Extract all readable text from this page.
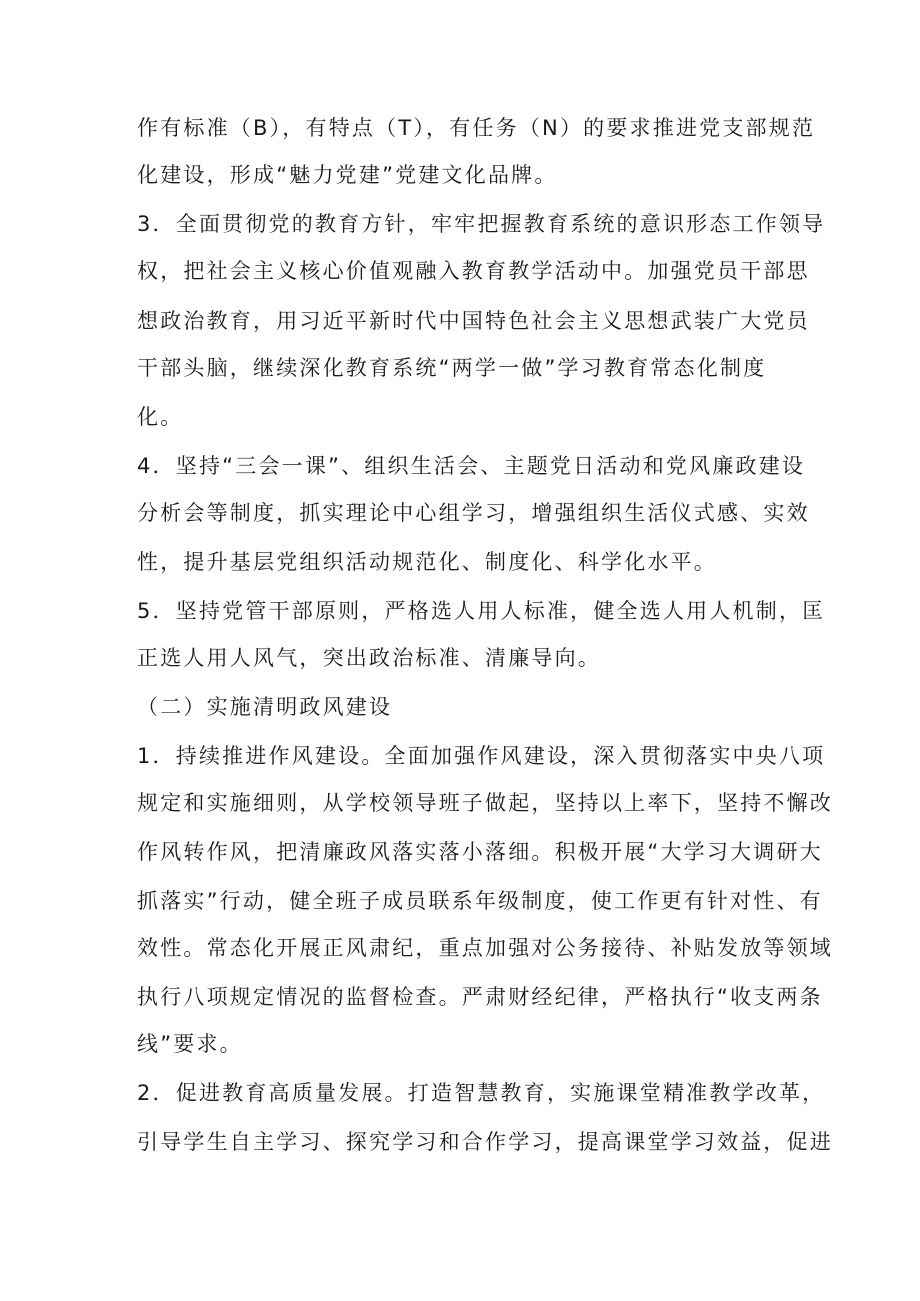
作有标准（B），有特点（T），有任务（N）的要求推进党支部规范

化建设，形成“魅力党建”党建文化品牌。

3．全面贯彻党的教育方针，牢牢把握教育系统的意识形态工作领导

权，把社会主义核心价值观融入教育教学活动中。加强党员干部思

想政治教育，用习近平新时代中国特色社会主义思想武装广大党员

干部头脑，继续深化教育系统“两学一做”学习教育常态化制度

化。

4．坚持“三会一课”、组织生活会、主题党日活动和党风廉政建设

分析会等制度，抓实理论中心组学习，增强组织生活仪式感、实效

性，提升基层党组织活动规范化、制度化、科学化水平。

5．坚持党管干部原则，严格选人用人标准，健全选人用人机制，匡

正选人用人风气，突出政治标准、清廉导向。

（二）实施清明政风建设

1．持续推进作风建设。全面加强作风建设，深入贯彻落实中央八项

规定和实施细则，从学校领导班子做起，坚持以上率下，坚持不懈改

作风转作风，把清廉政风落实落小落细。积极开展“大学习大调研大

抓落实”行动，健全班子成员联系年级制度，使工作更有针对性、有

效性。常态化开展正风肃纪，重点加强对公务接待、补贴发放等领域

执行八项规定情况的监督检查。严肃财经纪律，严格执行“收支两条

线”要求。

2．促进教育高质量发展。打造智慧教育，实施课堂精准教学改革，

引导学生自主学习、探究学习和合作学习，提高课堂学习效益，促进
